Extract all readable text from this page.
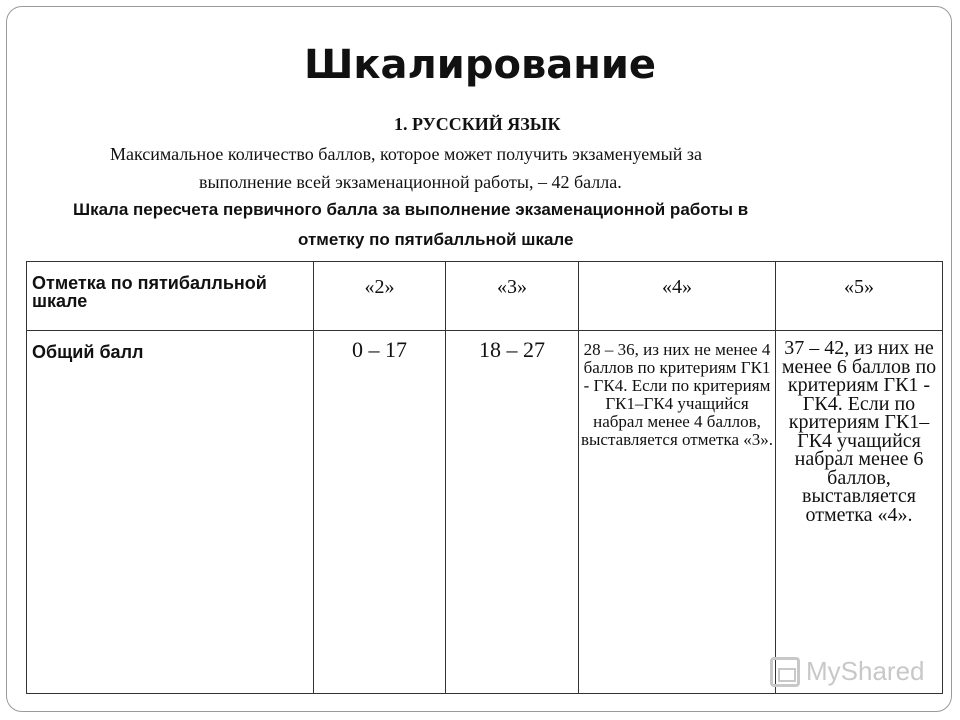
Шкалирование
1. РУССКИЙ ЯЗЫК
Максимальное количество баллов, которое может получить экзаменуемый за
выполнение всей экзаменационной работы, – 42 балла.
Шкала пересчета первичного балла за выполнение экзаменационной работы в
отметку по пятибалльной шкале
Отметка по пятибалльной шкале	«2»	«3»	«4»	«5»
Общий балл	0 – 17	18 – 27	28 – 36, из них не менее 4 баллов по критериям ГК1 - ГК4. Если по критериям ГК1–ГК4 учащийся набрал менее 4 баллов, выставляется отметка «3».	37 – 42, из них не менее 6 баллов по критериям ГК1 - ГК4. Если по критериям ГК1–ГК4 учащийся набрал менее 6 баллов, выставляется отметка «4».
MyShared
